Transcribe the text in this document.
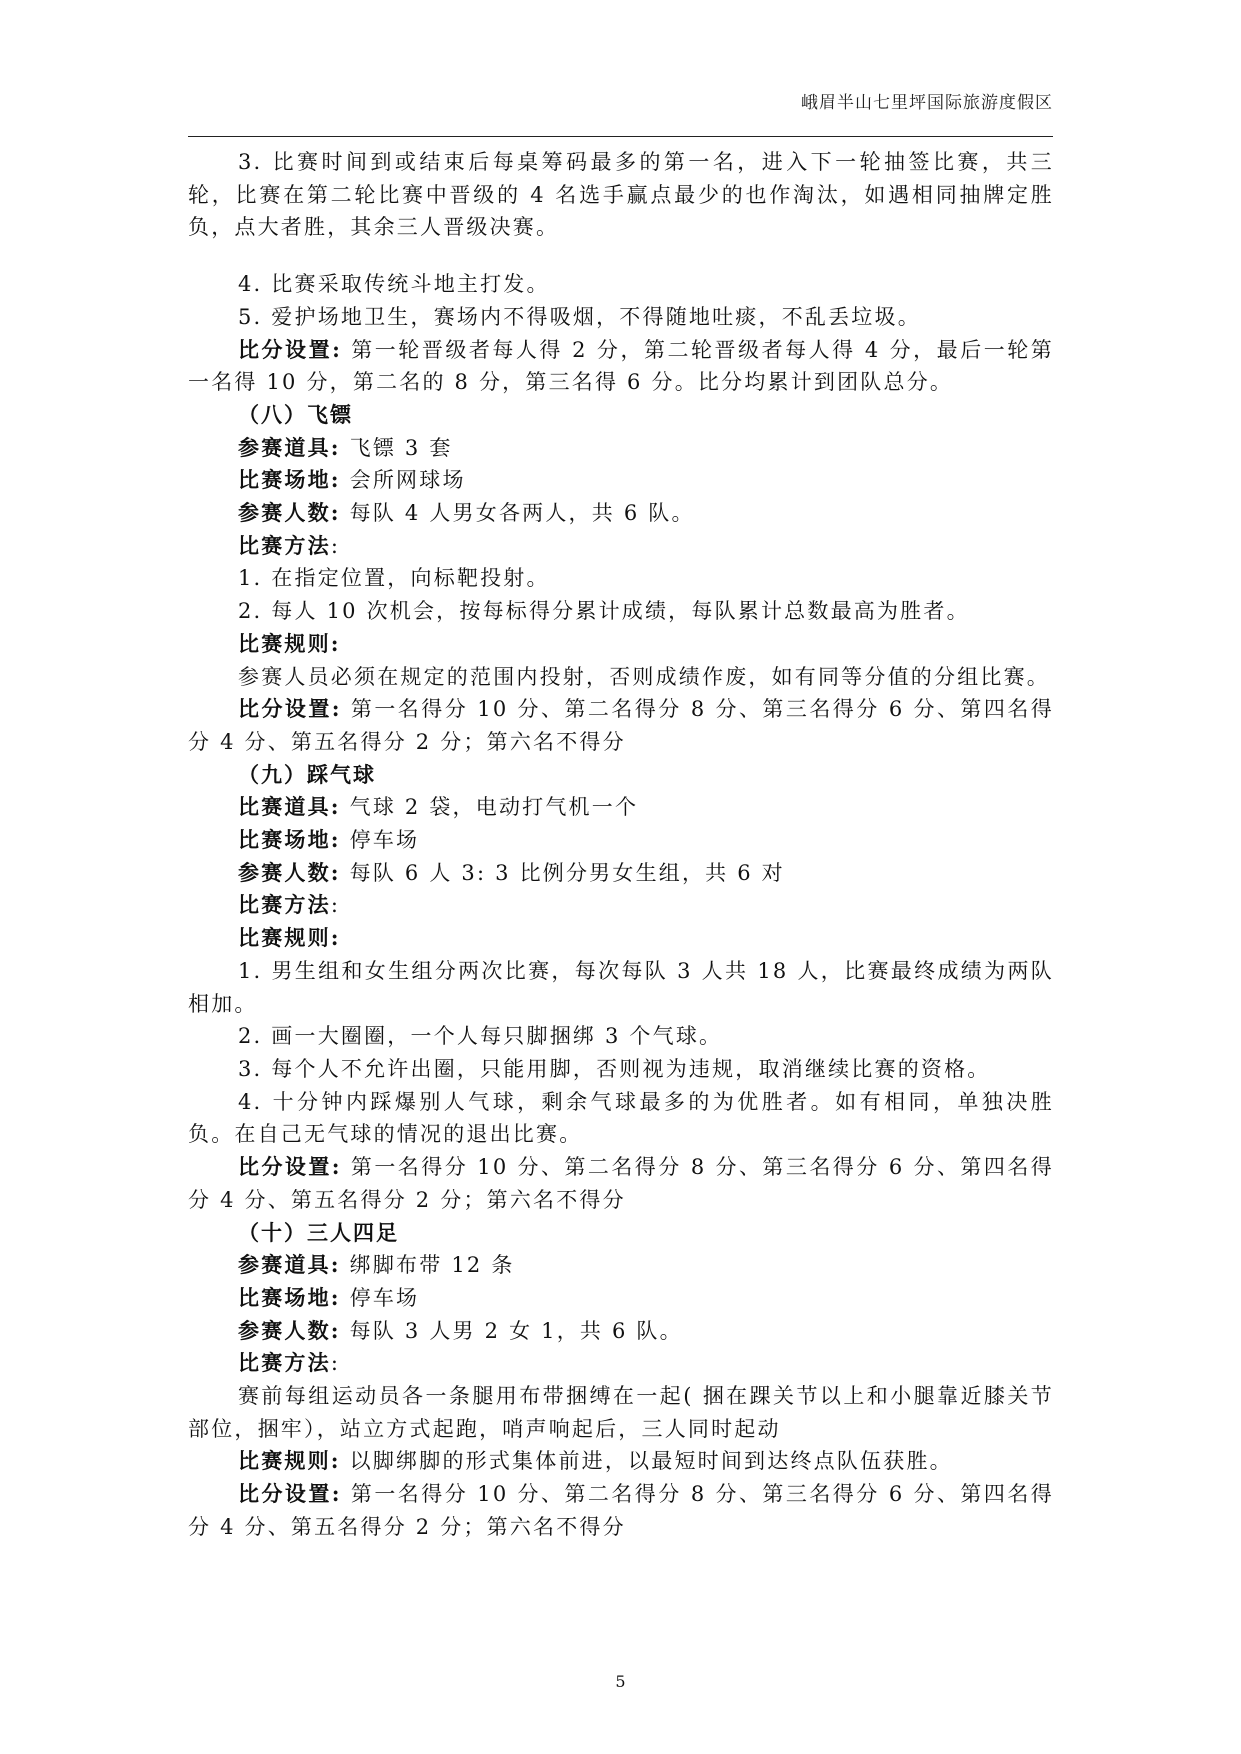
峨眉半山七里坪国际旅游度假区

3. 比赛时间到或结束后每桌筹码最多的第一名，进入下一轮抽签比赛，共三轮，比赛在第二轮比赛中晋级的 4 名选手赢点最少的也作淘汰，如遇相同抽牌定胜负，点大者胜，其余三人晋级决赛。

4. 比赛采取传统斗地主打发。

5. 爱护场地卫生，赛场内不得吸烟，不得随地吐痰，不乱丢垃圾。

比分设置: 第一轮晋级者每人得 2 分，第二轮晋级者每人得 4 分，最后一轮第一名得 10 分，第二名的 8 分，第三名得 6 分。比分均累计到团队总分。

（八）飞镖

参赛道具: 飞镖 3 套

比赛场地: 会所网球场

参赛人数: 每队 4 人男女各两人，共 6 队。

比赛方法:

1. 在指定位置，向标靶投射。

2. 每人 10 次机会，按每标得分累计成绩，每队累计总数最高为胜者。

比赛规则:

参赛人员必须在规定的范围内投射，否则成绩作废，如有同等分值的分组比赛。

比分设置: 第一名得分 10 分、第二名得分 8 分、第三名得分 6 分、第四名得分 4 分、第五名得分 2 分；第六名不得分

（九）踩气球

比赛道具: 气球 2 袋，电动打气机一个

比赛场地: 停车场

参赛人数: 每队 6 人 3: 3 比例分男女生组，共 6 对

比赛方法:

比赛规则:

1. 男生组和女生组分两次比赛，每次每队 3 人共 18 人，比赛最终成绩为两队相加。

2. 画一大圈圈，一个人每只脚捆绑 3 个气球。

3. 每个人不允许出圈，只能用脚，否则视为违规，取消继续比赛的资格。

4. 十分钟内踩爆别人气球，剩余气球最多的为优胜者。如有相同，单独决胜负。在自己无气球的情况的退出比赛。

比分设置: 第一名得分 10 分、第二名得分 8 分、第三名得分 6 分、第四名得分 4 分、第五名得分 2 分；第六名不得分

（十）三人四足

参赛道具: 绑脚布带 12 条

比赛场地: 停车场

参赛人数: 每队 3 人男 2 女 1，共 6 队。

比赛方法:

赛前每组运动员各一条腿用布带捆缚在一起( 捆在踝关节以上和小腿靠近膝关节部位，捆牢），站立方式起跑，哨声响起后，三人同时起动

比赛规则: 以脚绑脚的形式集体前进，以最短时间到达终点队伍获胜。

比分设置: 第一名得分 10 分、第二名得分 8 分、第三名得分 6 分、第四名得分 4 分、第五名得分 2 分；第六名不得分

5
